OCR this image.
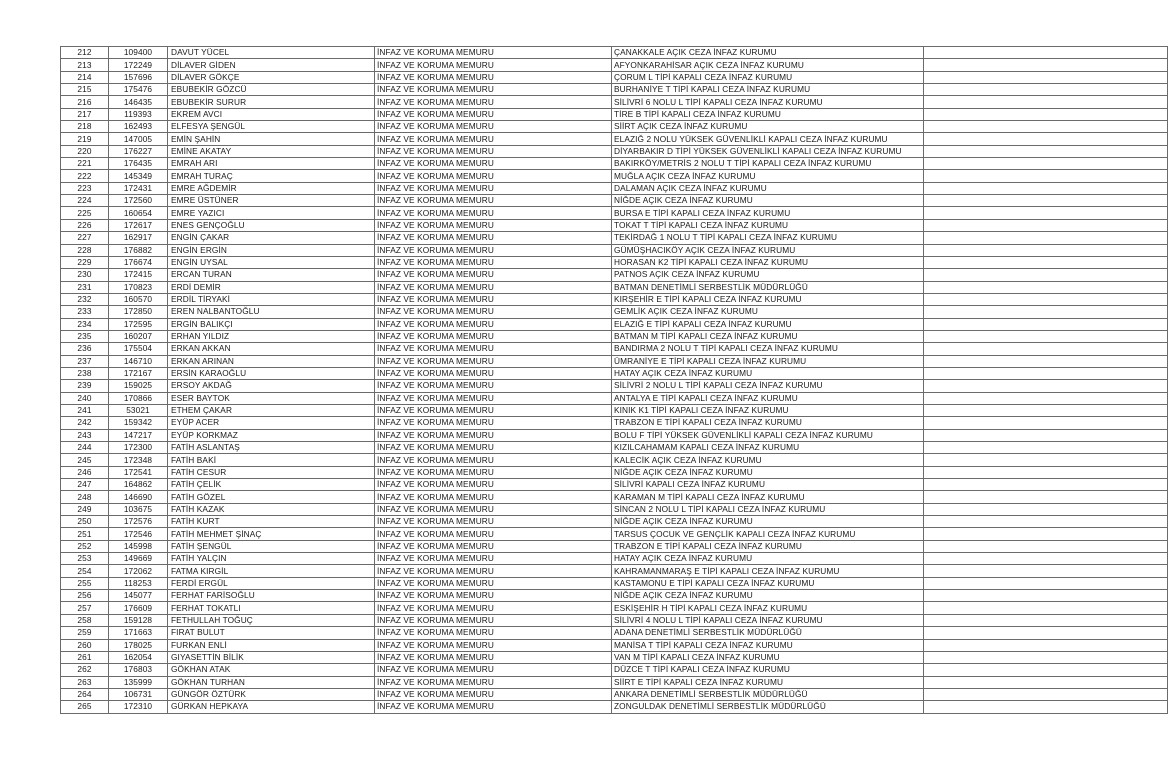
212	109400	DAVUT YÜCEL	İNFAZ VE KORUMA MEMURU	ÇANAKKALE AÇIK CEZA İNFAZ KURUMU	
213	172249	DİLAVER GİDEN	İNFAZ VE KORUMA MEMURU	AFYONKARAHİSAR AÇIK CEZA İNFAZ KURUMU	
214	157696	DİLAVER GÖKÇE	İNFAZ VE KORUMA MEMURU	ÇORUM L TİPİ KAPALI CEZA İNFAZ KURUMU	
215	175476	EBUBEKİR GÖZCÜ	İNFAZ VE KORUMA MEMURU	BURHANİYE T TİPİ KAPALI CEZA İNFAZ KURUMU	
216	146435	EBUBEKİR SURUR	İNFAZ VE KORUMA MEMURU	SİLİVRİ 6 NOLU L TİPİ KAPALI CEZA İNFAZ KURUMU	
217	119393	EKREM AVCI	İNFAZ VE KORUMA MEMURU	TİRE B TİPİ KAPALI CEZA İNFAZ KURUMU	
218	162493	ELFESYA ŞENGÜL	İNFAZ VE KORUMA MEMURU	SİİRT AÇIK CEZA İNFAZ KURUMU	
219	147005	EMİN ŞAHİN	İNFAZ VE KORUMA MEMURU	ELAZIĞ 2 NOLU YÜKSEK GÜVENLİKLİ KAPALI CEZA İNFAZ KURUMU	
220	176227	EMİNE AKATAY	İNFAZ VE KORUMA MEMURU	DİYARBAKIR D TİPİ YÜKSEK GÜVENLİKLİ KAPALI CEZA İNFAZ KURUMU	
221	176435	EMRAH ARI	İNFAZ VE KORUMA MEMURU	BAKIRKÖY/METRİS 2 NOLU T TİPİ KAPALI CEZA İNFAZ KURUMU	
222	145349	EMRAH TURAÇ	İNFAZ VE KORUMA MEMURU	MUĞLA AÇIK CEZA İNFAZ KURUMU	
223	172431	EMRE AĞDEMİR	İNFAZ VE KORUMA MEMURU	DALAMAN AÇIK CEZA İNFAZ KURUMU	
224	172560	EMRE ÜSTÜNER	İNFAZ VE KORUMA MEMURU	NİĞDE AÇIK CEZA İNFAZ KURUMU	
225	160654	EMRE YAZICI	İNFAZ VE KORUMA MEMURU	BURSA E TİPİ KAPALI CEZA İNFAZ KURUMU	
226	172617	ENES GENÇOĞLU	İNFAZ VE KORUMA MEMURU	TOKAT T TİPİ KAPALI CEZA İNFAZ KURUMU	
227	162917	ENGİN ÇAKAR	İNFAZ VE KORUMA MEMURU	TEKİRDAĞ 1 NOLU T TİPİ KAPALI CEZA İNFAZ KURUMU	
228	176882	ENGİN ERGİN	İNFAZ VE KORUMA MEMURU	GÜMÜŞHACIKÖY AÇIK CEZA İNFAZ KURUMU	
229	176674	ENGİN UYSAL	İNFAZ VE KORUMA MEMURU	HORASAN K2 TİPİ KAPALI CEZA İNFAZ KURUMU	
230	172415	ERCAN TURAN	İNFAZ VE KORUMA MEMURU	PATNOS AÇIK CEZA İNFAZ KURUMU	
231	170823	ERDİ DEMİR	İNFAZ VE KORUMA MEMURU	BATMAN DENETİMLİ SERBESTLİK MÜDÜRLÜĞÜ	
232	160570	ERDİL TİRYAKİ	İNFAZ VE KORUMA MEMURU	KIRŞEHİR E TİPİ KAPALI CEZA İNFAZ KURUMU	
233	172850	EREN NALBANTOĞLU	İNFAZ VE KORUMA MEMURU	GEMLİK AÇIK CEZA İNFAZ KURUMU	
234	172595	ERGİN BALIKÇI	İNFAZ VE KORUMA MEMURU	ELAZIĞ E TİPİ KAPALI CEZA İNFAZ KURUMU	
235	160207	ERHAN YILDIZ	İNFAZ VE KORUMA MEMURU	BATMAN M TİPİ KAPALI CEZA İNFAZ KURUMU	
236	175504	ERKAN AKKAN	İNFAZ VE KORUMA MEMURU	BANDIRMA 2 NOLU T TİPİ KAPALI CEZA İNFAZ KURUMU	
237	146710	ERKAN ARINAN	İNFAZ VE KORUMA MEMURU	ÜMRANİYE E TİPİ KAPALI CEZA İNFAZ KURUMU	
238	172167	ERSİN KARAOĞLU	İNFAZ VE KORUMA MEMURU	HATAY AÇIK CEZA İNFAZ KURUMU	
239	159025	ERSOY AKDAĞ	İNFAZ VE KORUMA MEMURU	SİLİVRİ 2 NOLU L TİPİ KAPALI CEZA İNFAZ KURUMU	
240	170866	ESER BAYTOK	İNFAZ VE KORUMA MEMURU	ANTALYA E TİPİ KAPALI CEZA İNFAZ KURUMU	
241	53021	ETHEM ÇAKAR	İNFAZ VE KORUMA MEMURU	KINIK K1 TİPİ KAPALI CEZA İNFAZ KURUMU	
242	159342	EYÜP ACER	İNFAZ VE KORUMA MEMURU	TRABZON E TİPİ KAPALI CEZA İNFAZ KURUMU	
243	147217	EYÜP KORKMAZ	İNFAZ VE KORUMA MEMURU	BOLU F TİPİ YÜKSEK GÜVENLİKLİ KAPALI CEZA İNFAZ KURUMU	
244	172300	FATİH ASLANTAŞ	İNFAZ VE KORUMA MEMURU	KIZILCAHAMAM KAPALI CEZA İNFAZ KURUMU	
245	172348	FATİH BAKİ	İNFAZ VE KORUMA MEMURU	KALECİK AÇIK CEZA İNFAZ KURUMU	
246	172541	FATİH CESUR	İNFAZ VE KORUMA MEMURU	NİĞDE AÇIK CEZA İNFAZ KURUMU	
247	164862	FATİH ÇELİK	İNFAZ VE KORUMA MEMURU	SİLİVRİ KAPALI CEZA İNFAZ KURUMU	
248	146690	FATİH GÖZEL	İNFAZ VE KORUMA MEMURU	KARAMAN M TİPİ KAPALI CEZA İNFAZ KURUMU	
249	103675	FATİH KAZAK	İNFAZ VE KORUMA MEMURU	SİNCAN 2 NOLU L TİPİ KAPALI CEZA İNFAZ KURUMU	
250	172576	FATİH KURT	İNFAZ VE KORUMA MEMURU	NİĞDE AÇIK CEZA İNFAZ KURUMU	
251	172546	FATİH MEHMET ŞİNAÇ	İNFAZ VE KORUMA MEMURU	TARSUS ÇOCUK VE GENÇLİK KAPALI CEZA İNFAZ KURUMU	
252	145998	FATİH ŞENGÜL	İNFAZ VE KORUMA MEMURU	TRABZON E TİPİ KAPALI CEZA İNFAZ KURUMU	
253	149669	FATİH YALÇIN	İNFAZ VE KORUMA MEMURU	HATAY AÇIK CEZA İNFAZ KURUMU	
254	172062	FATMA KIRGİL	İNFAZ VE KORUMA MEMURU	KAHRAMANMARAŞ E TİPİ KAPALI CEZA İNFAZ KURUMU	
255	118253	FERDİ ERGÜL	İNFAZ VE KORUMA MEMURU	KASTAMONU E TİPİ KAPALI CEZA İNFAZ KURUMU	
256	145077	FERHAT FARİSOĞLU	İNFAZ VE KORUMA MEMURU	NİĞDE AÇIK CEZA İNFAZ KURUMU	
257	176609	FERHAT TOKATLI	İNFAZ VE KORUMA MEMURU	ESKİŞEHİR H TİPİ KAPALI CEZA İNFAZ KURUMU	
258	159128	FETHULLAH TOĞUÇ	İNFAZ VE KORUMA MEMURU	SİLİVRİ 4 NOLU L TİPİ KAPALI CEZA İNFAZ KURUMU	
259	171663	FIRAT BULUT	İNFAZ VE KORUMA MEMURU	ADANA DENETİMLİ SERBESTLİK MÜDÜRLÜĞÜ	
260	178025	FURKAN ENLİ	İNFAZ VE KORUMA MEMURU	MANİSA T TİPİ KAPALI CEZA İNFAZ KURUMU	
261	162054	GIYASETTİN BİLİK	İNFAZ VE KORUMA MEMURU	VAN M TİPİ KAPALI CEZA İNFAZ KURUMU	
262	176803	GÖKHAN ATAK	İNFAZ VE KORUMA MEMURU	DÜZCE T TİPİ KAPALI CEZA İNFAZ KURUMU	
263	135999	GÖKHAN TURHAN	İNFAZ VE KORUMA MEMURU	SİİRT E TİPİ KAPALI CEZA İNFAZ KURUMU	
264	106731	GÜNGÖR ÖZTÜRK	İNFAZ VE KORUMA MEMURU	ANKARA DENETİMLİ SERBESTLİK MÜDÜRLÜĞÜ	
265	172310	GÜRKAN HEPKAYA	İNFAZ VE KORUMA MEMURU	ZONGULDAK DENETİMLİ SERBESTLİK MÜDÜRLÜĞÜ	
